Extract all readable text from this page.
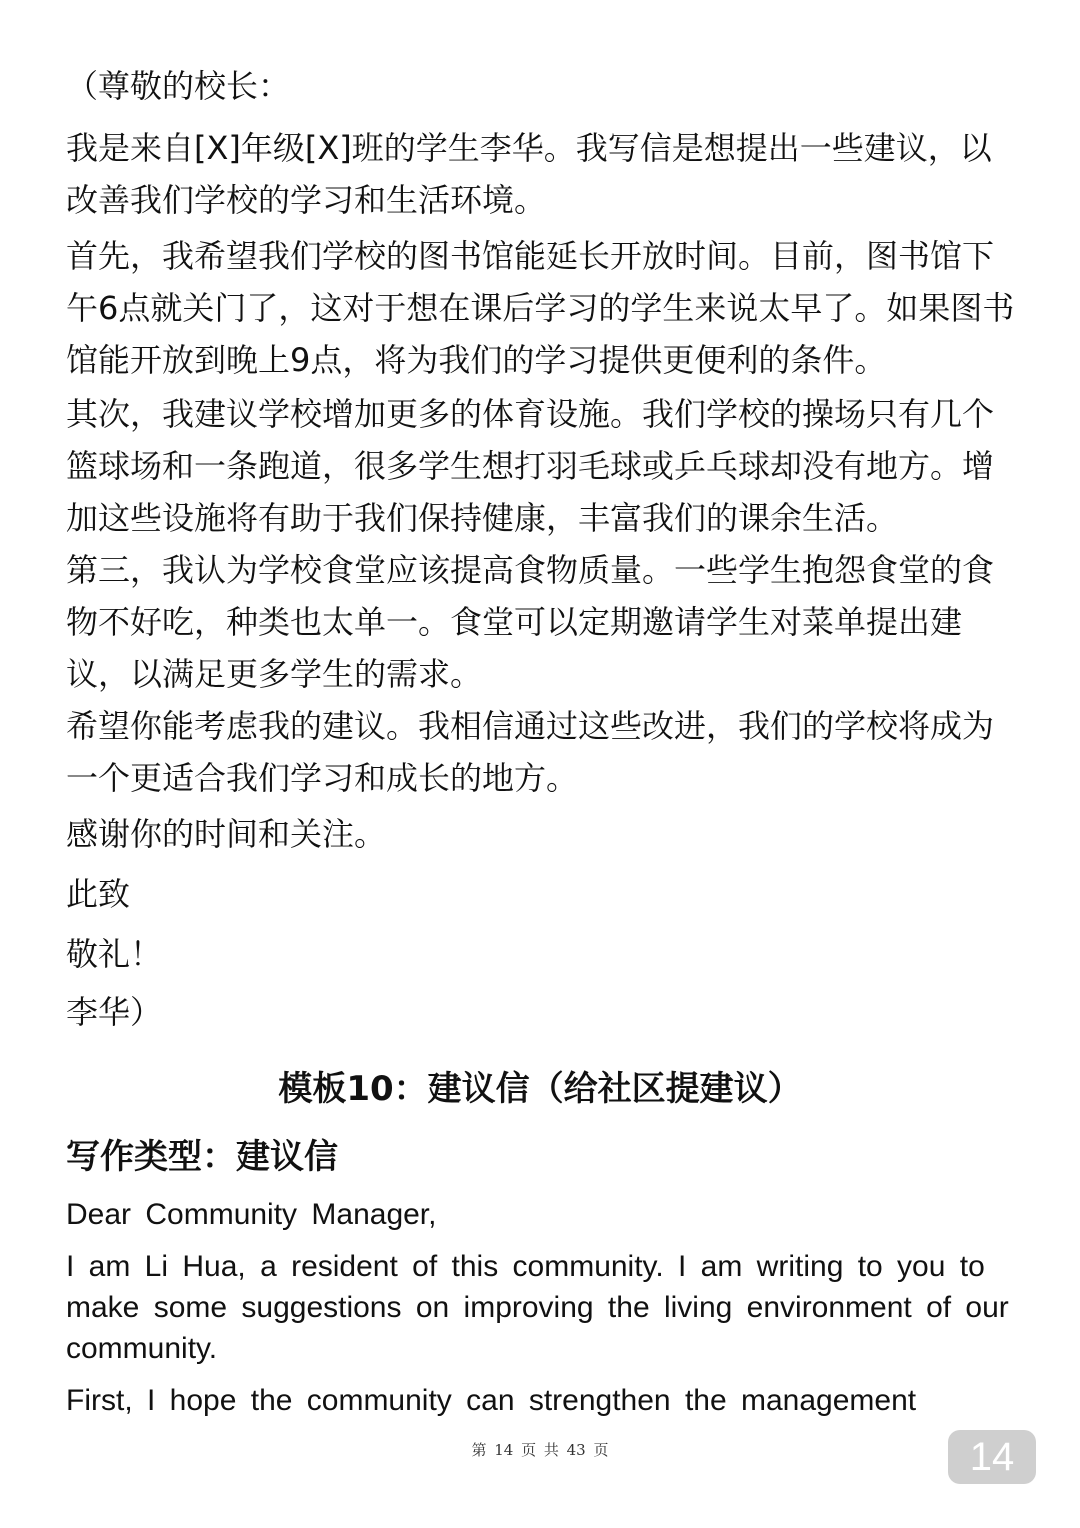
（尊敬的校长：

我是来自[X]年级[X]班的学生李华。我写信是想提出一些建议，以改善我们学校的学习和生活环境。

首先，我希望我们学校的图书馆能延长开放时间。目前，图书馆下午6点就关门了，这对于想在课后学习的学生来说太早了。如果图书馆能开放到晚上9点，将为我们的学习提供更便利的条件。

其次，我建议学校增加更多的体育设施。我们学校的操场只有几个篮球场和一条跑道，很多学生想打羽毛球或乒乓球却没有地方。增加这些设施将有助于我们保持健康，丰富我们的课余生活。

第三，我认为学校食堂应该提高食物质量。一些学生抱怨食堂的食物不好吃，种类也太单一。食堂可以定期邀请学生对菜单提出建议，以满足更多学生的需求。

希望你能考虑我的建议。我相信通过这些改进，我们的学校将成为一个更适合我们学习和成长的地方。

感谢你的时间和关注。

此致

敬礼！

李华）

模板10：建议信（给社区提建议）
写作类型：建议信

Dear Community Manager,

I am Li Hua, a resident of this community. I am writing to you to make some suggestions on improving the living environment of our community.

First, I hope the community can strengthen the management

第 14 页 共 43 页	14
